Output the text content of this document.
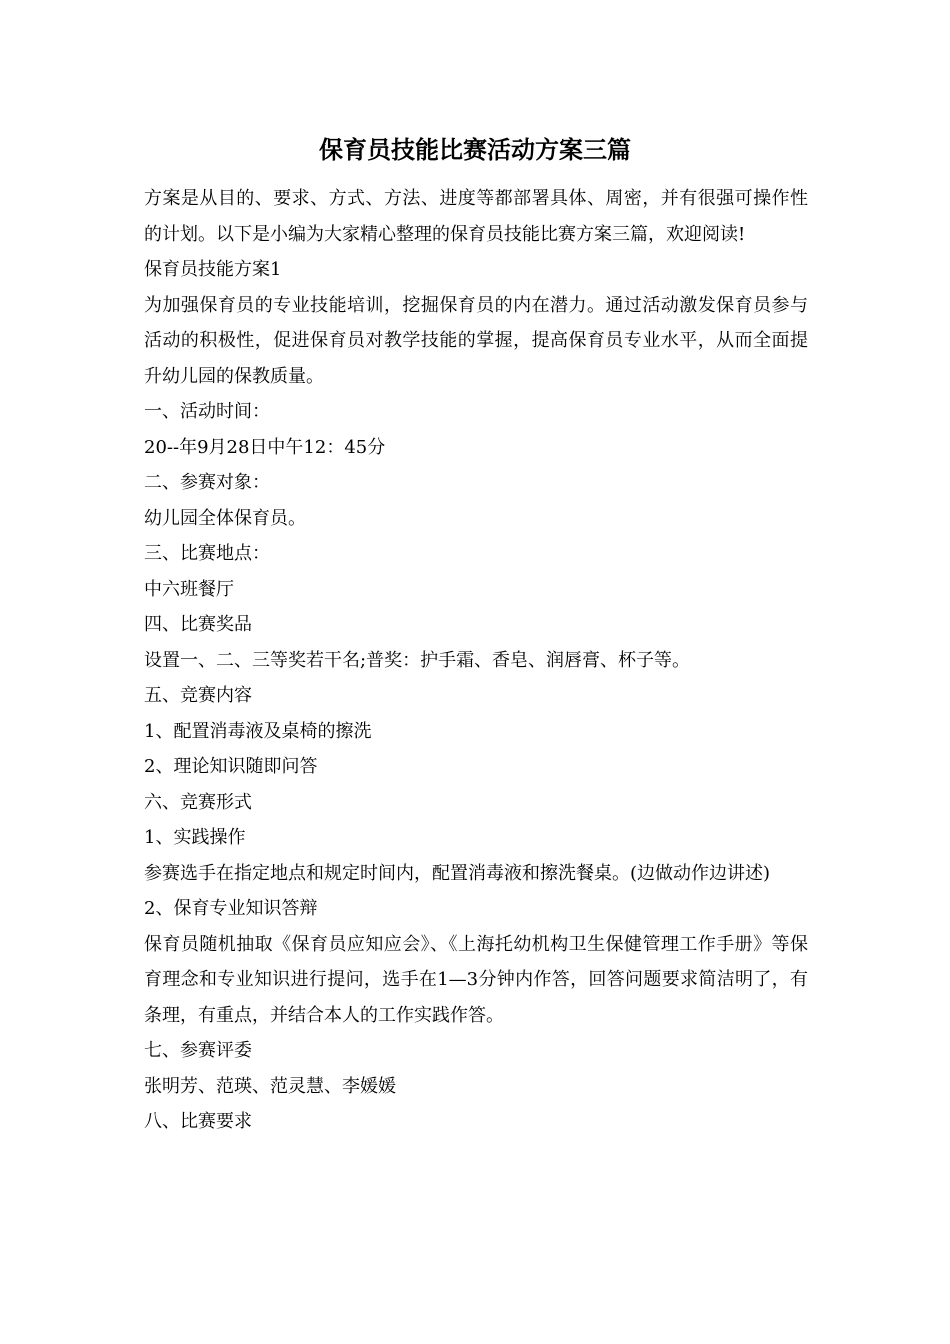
保育员技能比赛活动方案三篇

方案是从目的、要求、方式、方法、进度等都部署具体、周密，并有很强可操作性的计划。以下是小编为大家精心整理的保育员技能比赛方案三篇，欢迎阅读!

保育员技能方案1

为加强保育员的专业技能培训，挖掘保育员的内在潜力。通过活动激发保育员参与活动的积极性，促进保育员对教学技能的掌握，提高保育员专业水平，从而全面提升幼儿园的保教质量。

一、活动时间：

20--年9月28日中午12：45分

二、参赛对象：

幼儿园全体保育员。

三、比赛地点：

中六班餐厅

四、比赛奖品

设置一、二、三等奖若干名;普奖：护手霜、香皂、润唇膏、杯子等。

五、竞赛内容

1、配置消毒液及桌椅的擦洗

2、理论知识随即问答

六、竞赛形式

1、实践操作

参赛选手在指定地点和规定时间内，配置消毒液和擦洗餐桌。(边做动作边讲述)

2、保育专业知识答辩

保育员随机抽取《保育员应知应会》、《上海托幼机构卫生保健管理工作手册》等保育理念和专业知识进行提问，选手在1—3分钟内作答，回答问题要求简洁明了，有条理，有重点，并结合本人的工作实践作答。

七、参赛评委

张明芳、范瑛、范灵慧、李媛媛

八、比赛要求
